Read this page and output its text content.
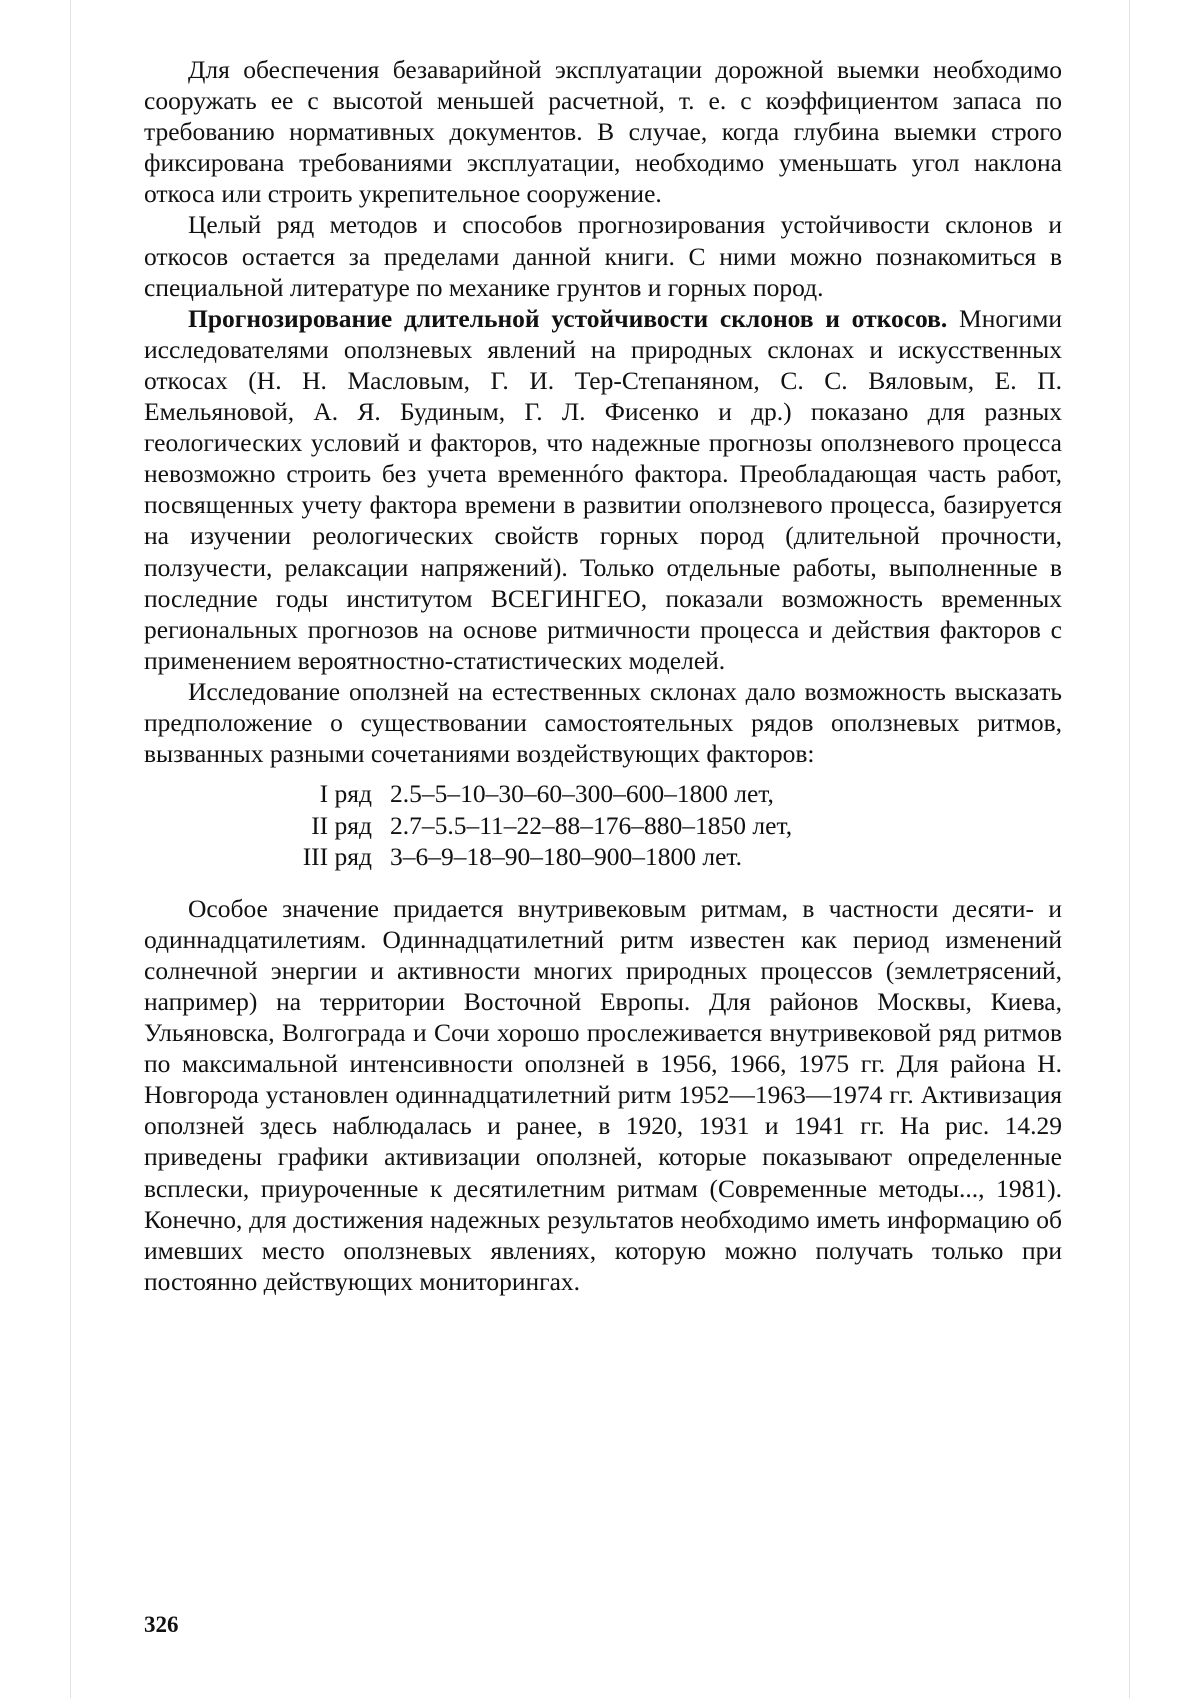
Для обеспечения безаварийной эксплуатации дорожной выемки необходимо сооружать ее с высотой меньшей расчетной, т. е. с коэффициентом запаса по требованию нормативных документов. В случае, когда глубина выемки строго фиксирована требованиями эксплуатации, необходимо уменьшать угол наклона откоса или строить укрепительное сооружение.

Целый ряд методов и способов прогнозирования устойчивости склонов и откосов остается за пределами данной книги. С ними можно познакомиться в специальной литературе по механике грунтов и горных пород.

Прогнозирование длительной устойчивости склонов и откосов. Многими исследователями оползневых явлений на природных склонах и искусственных откосах (Н. Н. Масловым, Г. И. Тер-Степаняном, С. С. Вяловым, Е. П. Емельяновой, А. Я. Будиным, Г. Л. Фисенко и др.) показано для разных геологических условий и факторов, что надежные прогнозы оползневого процесса невозможно строить без учета временнóго фактора. Преобладающая часть работ, посвященных учету фактора времени в развитии оползневого процесса, базируется на изучении реологических свойств горных пород (длительной прочности, ползучести, релаксации напряжений). Только отдельные работы, выполненные в последние годы институтом ВСЕГИНГЕО, показали возможность временных региональных прогнозов на основе ритмичности процесса и действия факторов с применением вероятностно-статистических моделей.

Исследование оползней на естественных склонах дало возможность высказать предположение о существовании самостоятельных рядов оползневых ритмов, вызванных разными сочетаниями воздействующих факторов:

I ряд 2.5–5–10–30–60–300–600–1800 лет,
II ряд 2.7–5.5–11–22–88–176–880–1850 лет,
III ряд 3–6–9–18–90–180–900–1800 лет.

Особое значение придается внутривековым ритмам, в частности десяти- и одиннадцатилетиям. Одиннадцатилетний ритм известен как период изменений солнечной энергии и активности многих природных процессов (землетрясений, например) на территории Восточной Европы. Для районов Москвы, Киева, Ульяновска, Волгограда и Сочи хорошо прослеживается внутривековой ряд ритмов по максимальной интенсивности оползней в 1956, 1966, 1975 гг. Для района Н. Новгорода установлен одиннадцатилетний ритм 1952—1963—1974 гг. Активизация оползней здесь наблюдалась и ранее, в 1920, 1931 и 1941 гг. На рис. 14.29 приведены графики активизации оползней, которые показывают определенные всплески, приуроченные к десятилетним ритмам (Современные методы..., 1981). Конечно, для достижения надежных результатов необходимо иметь информацию об имевших место оползневых явлениях, которую можно получать только при постоянно действующих мониторингах.

326
